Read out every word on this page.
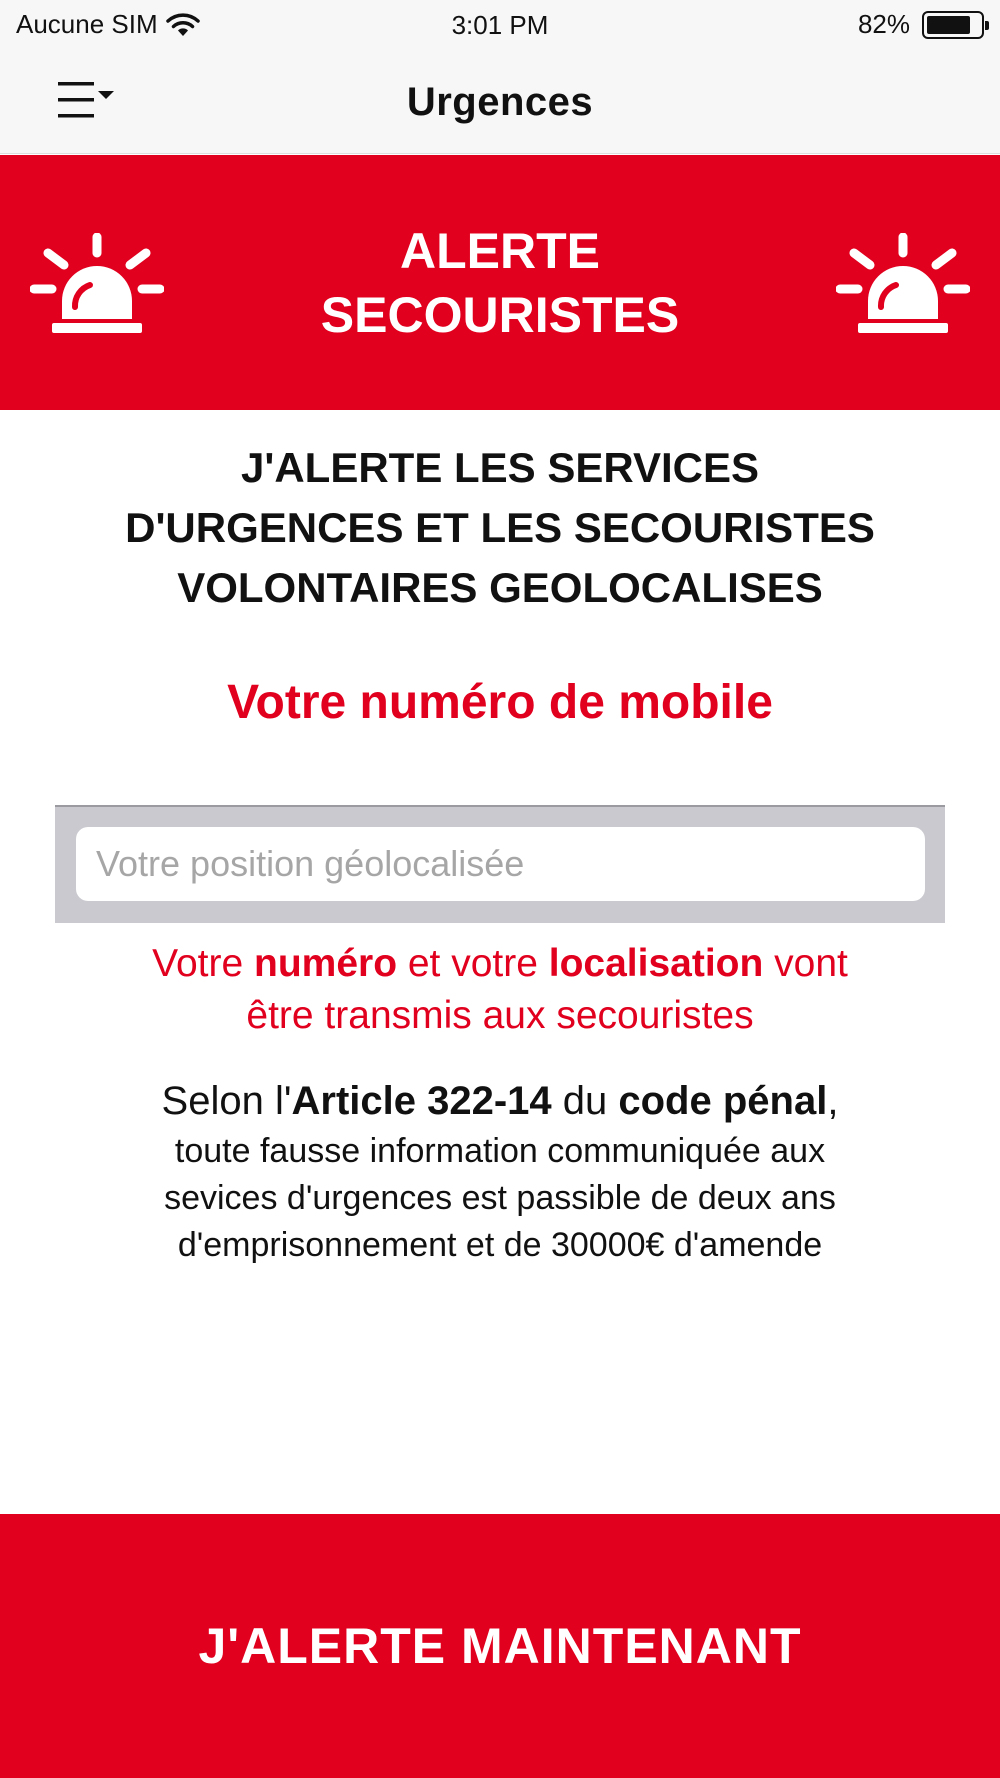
Aucune SIM	3:01 PM	82%
Urgences
ALERTE
SECOURISTES
J'ALERTE LES SERVICES
D'URGENCES ET LES SECOURISTES
VOLONTAIRES GEOLOCALISES
Votre numéro de mobile
Votre position géolocalisée
Votre numéro et votre localisation vont
être transmis aux secouristes
Selon l'Article 322-14 du code pénal,
toute fausse information communiquée aux
sevices d'urgences est passible de deux ans
d'emprisonnement et de 30000€ d'amende
J'ALERTE MAINTENANT
